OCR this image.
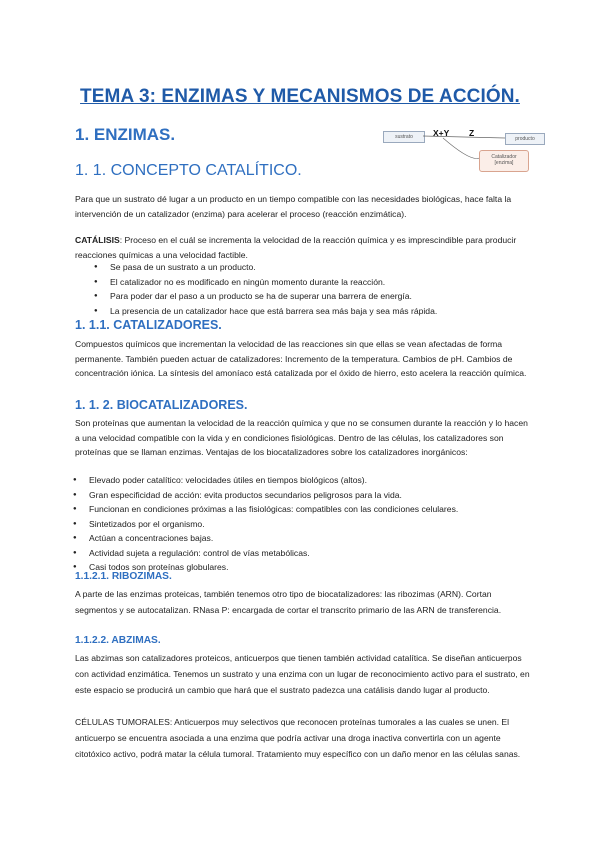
TEMA 3: ENZIMAS Y MECANISMOS DE ACCIÓN.
1. ENZIMAS.	sustrato	X+Y Z
producto
Catalizador
[enzima]
1. 1. CONCEPTO CATALÍTICO.

Para que un sustrato dé lugar a un producto en un tiempo compatible con las necesidades biológicas, hace falta la intervención de un catalizador (enzima) para acelerar el proceso (reacción enzimática).

CATÁLISIS: Proceso en el cuál se incrementa la velocidad de la reacción química y es imprescindible para producir reacciones químicas a una velocidad factible.

● Se pasa de un sustrato a un producto.
● El catalizador no es modificado en ningún momento durante la reacción.
● Para poder dar el paso a un producto se ha de superar una barrera de energía.
● La presencia de un catalizador hace que está barrera sea más baja y sea más rápida.
1. 1.1. CATALIZADORES.

Compuestos químicos que incrementan la velocidad de las reacciones sin que ellas se vean afectadas de forma permanente. También pueden actuar de catalizadores: Incremento de la temperatura. Cambios de pH. Cambios de concentración iónica. La síntesis del amoníaco está catalizada por el óxido de hierro, esto acelera la reacción química.

1. 1. 2. BIOCATALIZADORES.

Son proteínas que aumentan la velocidad de la reacción química y que no se consumen durante la reacción y lo hacen a una velocidad compatible con la vida y en condiciones fisiológicas. Dentro de las células, los catalizadores son proteínas que se llaman enzimas. Ventajas de los biocatalizadores sobre los catalizadores inorgánicos:

● Elevado poder catalítico: velocidades útiles en tiempos biológicos (altos).
● Gran especificidad de acción: evita productos secundarios peligrosos para la vida.
● Funcionan en condiciones próximas a las fisiológicas: compatibles con las condiciones celulares.
● Sintetizados por el organismo.
● Actúan a concentraciones bajas.
● Actividad sujeta a regulación: control de vías metabólicas.
● Casi todos son proteínas globulares.
1.1.2.1. RIBOZIMAS.

A parte de las enzimas proteicas, también tenemos otro tipo de biocatalizadores: las ribozimas (ARN). Cortan segmentos y se autocatalizan. RNasa P: encargada de cortar el transcrito primario de las ARN de transferencia.

1.1.2.2. ABZIMAS.

Las abzimas son catalizadores proteicos, anticuerpos que tienen también actividad catalítica. Se diseñan anticuerpos con actividad enzimática. Tenemos un sustrato y una enzima con un lugar de reconocimiento activo para el sustrato, en este espacio se producirá un cambio que hará que el sustrato padezca una catálisis dando lugar al producto.

CÉLULAS TUMORALES: Anticuerpos muy selectivos que reconocen proteínas tumorales a las cuales se unen. El anticuerpo se encuentra asociada a una enzima que podría activar una droga inactiva convertirla con un agente citotóxico activo, podrá matar la célula tumoral. Tratamiento muy específico con un daño menor en las células sanas.
